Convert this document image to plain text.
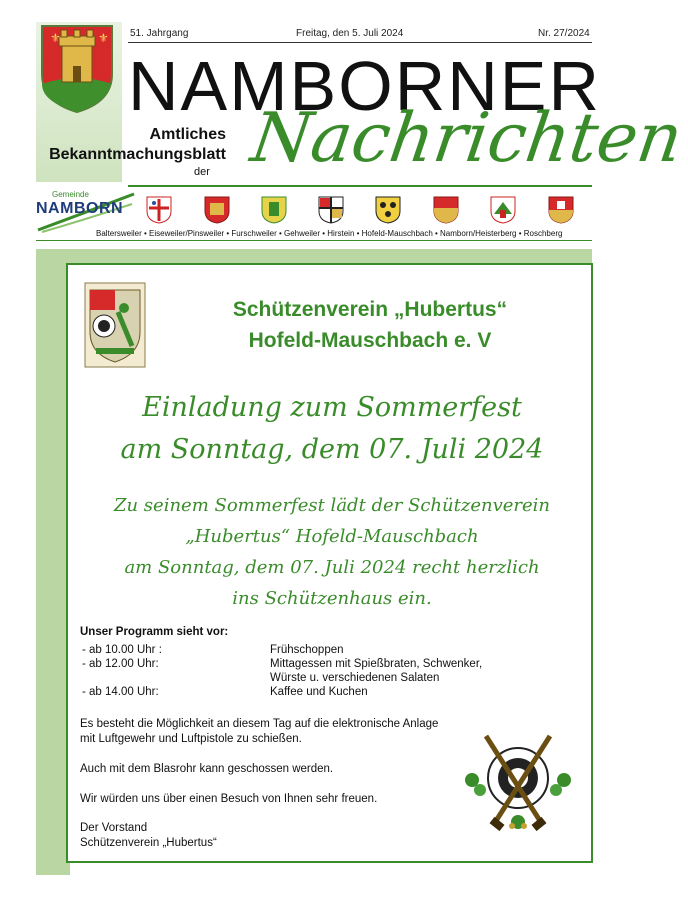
⚜	⚜ 51. Jahrgang	Freitag, den 5. Juli 2024	Nr. 27/2024
NAMBORNER
Amtliches
Bekanntmachungsblatt
der Nachrichten
Gemeinde
NAMBORN
Baltersweiler • Eiseweiler/Pinsweiler • Furschweiler • Gehweiler • Hirstein • Hofeld-Mauschbach • Namborn/Heisterberg • Roschberg
Schützenverein „Hubertus“
Hofeld-Mauschbach e. V
Einladung zum Sommerfest
am Sonntag, dem 07. Juli 2024
Zu seinem Sommerfest lädt der Schützenverein
„Hubertus“ Hofeld-Mauschbach
am Sonntag, dem 07. Juli 2024 recht herzlich
ins Schützenhaus ein.
Unser Programm sieht vor:
- ab 10.00 Uhr :	Frühschoppen
- ab 12.00 Uhr:	Mittagessen mit Spießbraten, Schwenker,
Würste u. verschiedenen Salaten
- ab 14.00 Uhr:	Kaffee und Kuchen
Es besteht die Möglichkeit an diesem Tag auf die elektronische Anlage
mit Luftgewehr und Luftpistole zu schießen.
Auch mit dem Blasrohr kann geschossen werden.
Wir würden uns über einen Besuch von Ihnen sehr freuen.
Der Vorstand
Schützenverein „Hubertus“
